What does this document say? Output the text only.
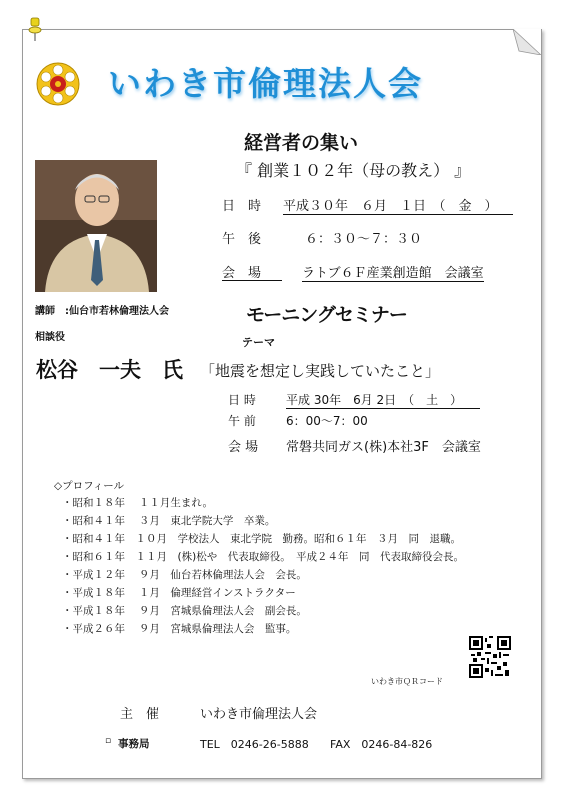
いわき市倫理法人会
経営者の集い
『 創業１０２年（母の教え） 』
日　時 平成３０年　６月　１日　（　金　）
午　後	６：３０～７：３０
会　場	ラトブ６Ｆ産業創造館　会議室
講師　:仙台市若林倫理法人会
相談役
モーニングセミナー
テーマ
松谷　一夫　氏 「地震を想定し実践していたこと」
日 時	平成 30年　6月 2日　（　土　）
午 前	6：00～7：00
会 場 常磐共同ガス(株)本社3F　会議室
◇プロフィール
・昭和１８年　 １１月生まれ。
・昭和４１年　 ３月　東北学院大学　卒業。
・昭和４１年　１０月　学校法人　東北学院　勤務。昭和６１年　３月　同　退職。
・昭和６１年　１１月　(株)松や　代表取締役。　平成２４年　同　代表取締役会長。
・平成１２年　 ９月　仙台若林倫理法人会　会長。
・平成１８年　 １月　倫理経営インストラクター
・平成１８年　 ９月　宮城県倫理法人会　副会長。
・平成２６年　 ９月　宮城県倫理法人会　監事。
いわき市ＱＲコード
主　催	いわき市倫理法人会
▫ 事務局	TEL　0246-26-5888 FAX　0246-84-826
